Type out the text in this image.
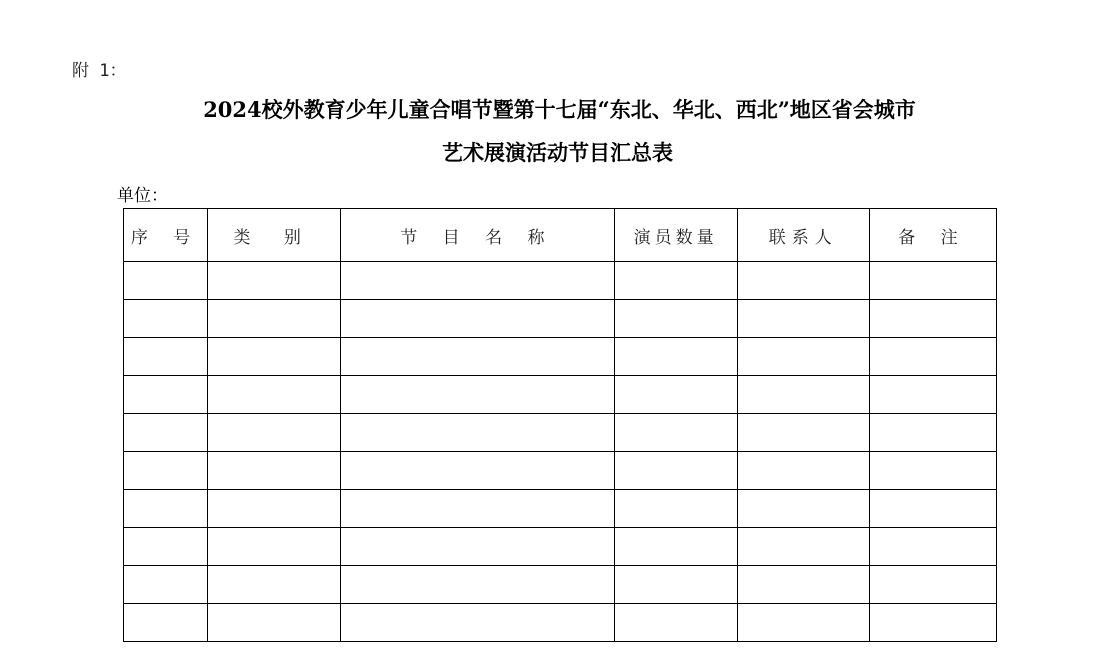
附 1：
2024校外教育少年儿童合唱节暨第十七届“东北、华北、西北”地区省会城市
艺术展演活动节目汇总表
单位：
序 号	类 别	节 目 名 称	演员数量	联系人	备 注
